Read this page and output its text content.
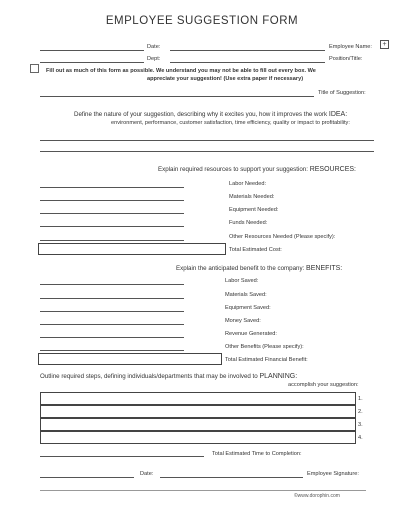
EMPLOYEE SUGGESTION FORM
+
Date:	Employee Name:
Dept:	Position/Title:
Fill out as much of this form as possible. We understand you may not be able to fill out every box. We
appreciate your suggestion! (Use extra paper if necessary)
Title of Suggestion:
Define the nature of your suggestion, describing why it excites you, how it improves the work IDEA:
environment, performance, customer satisfaction, time efficiency, quality or impact to profitability:
Explain required resources to support your suggestion: RESOURCES:
Labor Needed:
Materials Needed:
Equipment Needed:
Funds Needed:
Other Resources Needed (Please specify):
Total Estimated Cost:
Explain the anticipated benefit to the company: BENEFITS:
Labor Saved:
Materials Saved:
Equipment Saved:
Money Saved:
Revenue Generated:
Other Benefits (Please specify):
Total Estimated Financial Benefit:
Outline required steps, defining individuals/departments that may be involved to PLANNING:
accomplish your suggestion:
1.
2.
3.
4.
Total Estimated Time to Completion:
Date:	Employee Signature:
©www.dorophin.com
